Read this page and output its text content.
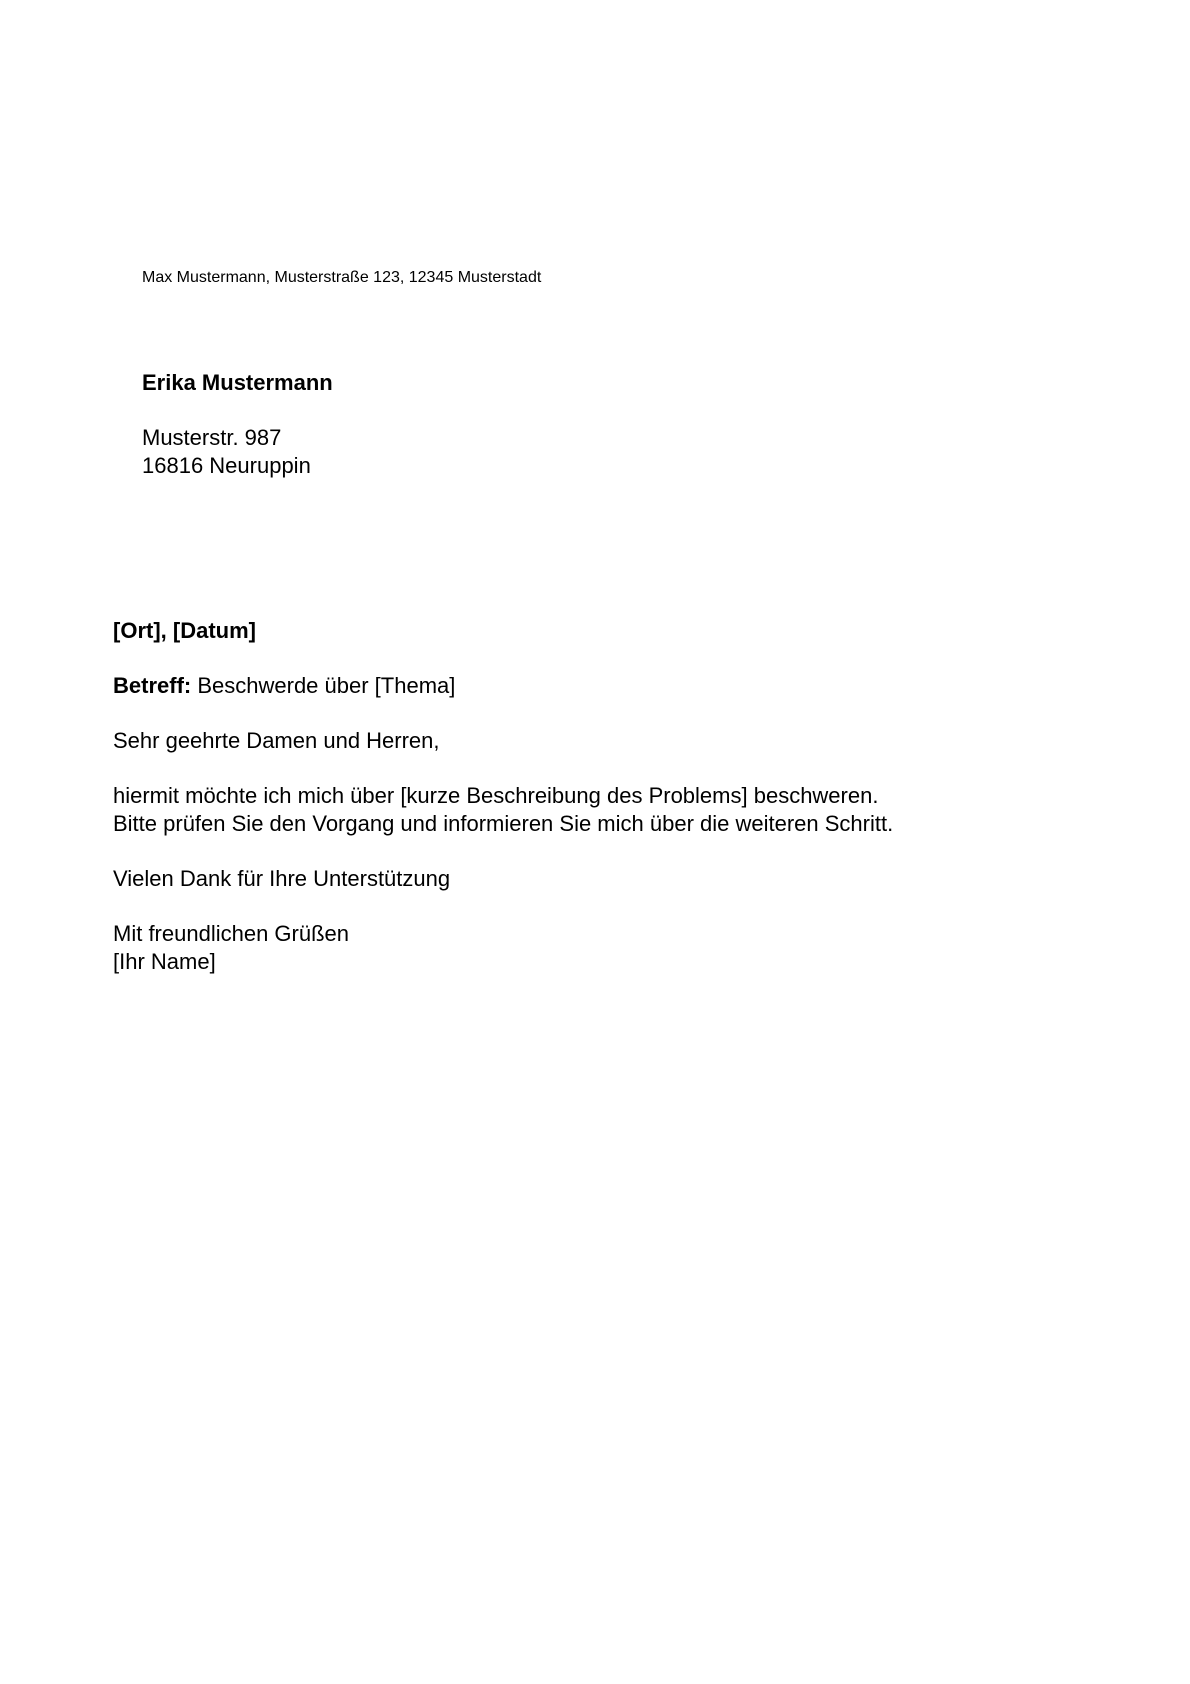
Max Mustermann, Musterstraße 123, 12345 Musterstadt
Erika Mustermann
Musterstr. 987
16816 Neuruppin
[Ort], [Datum]
Betreff: Beschwerde über [Thema]
Sehr geehrte Damen und Herren,
hiermit möchte ich mich über [kurze Beschreibung des Problems] beschweren.
Bitte prüfen Sie den Vorgang und informieren Sie mich über die weiteren Schritt.
Vielen Dank für Ihre Unterstützung
Mit freundlichen Grüßen
[Ihr Name]
